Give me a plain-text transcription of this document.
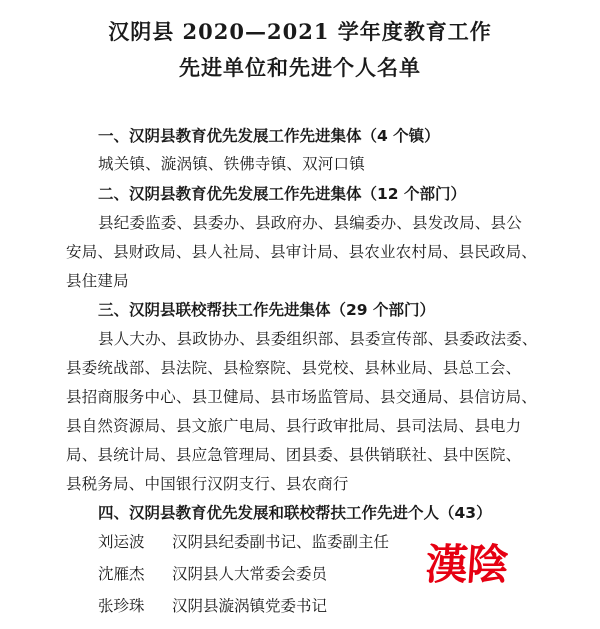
汉阴县 2020—2021 学年度教育工作
先进单位和先进个人名单
一、汉阴县教育优先发展工作先进集体（4 个镇）
城关镇、漩涡镇、铁佛寺镇、双河口镇
二、汉阴县教育优先发展工作先进集体（12 个部门）
县纪委监委、县委办、县政府办、县编委办、县发改局、县公
安局、县财政局、县人社局、县审计局、县农业农村局、县民政局、
县住建局
三、汉阴县联校帮扶工作先进集体（29 个部门）
县人大办、县政协办、县委组织部、县委宣传部、县委政法委、
县委统战部、县法院、县检察院、县党校、县林业局、县总工会、
县招商服务中心、县卫健局、县市场监管局、县交通局、县信访局、
县自然资源局、县文旅广电局、县行政审批局、县司法局、县电力
局、县统计局、县应急管理局、团县委、县供销联社、县中医院、
县税务局、中国银行汉阴支行、县农商行
四、汉阴县教育优先发展和联校帮扶工作先进个人（43）
刘运波 汉阴县纪委副书记、监委副主任
沈雁杰 汉阴县人大常委会委员
张珍珠 汉阴县漩涡镇党委书记
漢陰
